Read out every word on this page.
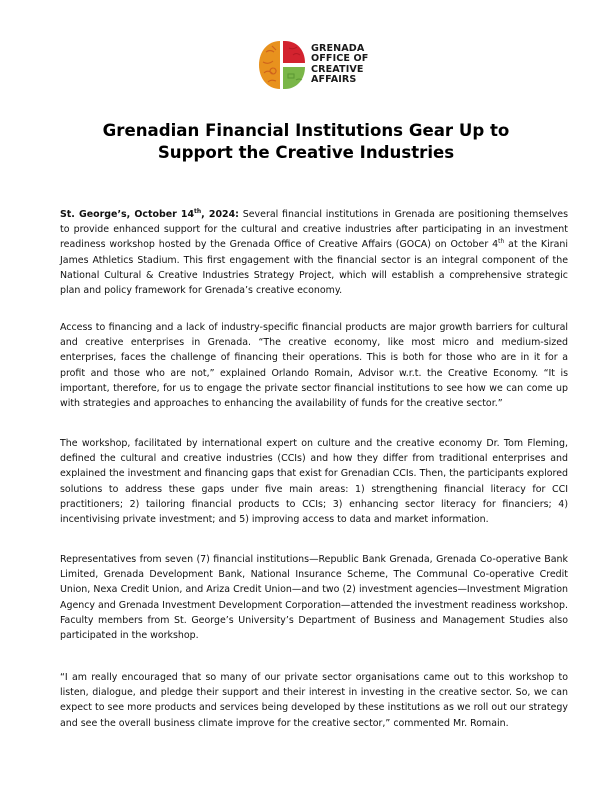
GRENADA
OFFICE OF
CREATIVE
AFFAIRS
Grenadian Financial Institutions Gear Up to
Support the Creative Industries
St. George’s, October 14th, 2024: Several financial institutions in Grenada are positioning themselves to provide enhanced support for the cultural and creative industries after participating in an investment readiness workshop hosted by the Grenada Office of Creative Affairs (GOCA) on October 4th at the Kirani James Athletics Stadium. This first engagement with the financial sector is an integral component of the National Cultural & Creative Industries Strategy Project, which will establish a comprehensive strategic plan and policy framework for Grenada’s creative economy.
Access to financing and a lack of industry-specific financial products are major growth barriers for cultural and creative enterprises in Grenada. “The creative economy, like most micro and medium-sized enterprises, faces the challenge of financing their operations. This is both for those who are in it for a profit and those who are not,” explained Orlando Romain, Advisor w.r.t. the Creative Economy. “It is important, therefore, for us to engage the private sector financial institutions to see how we can come up with strategies and approaches to enhancing the availability of funds for the creative sector.”
The workshop, facilitated by international expert on culture and the creative economy Dr. Tom Fleming, defined the cultural and creative industries (CCIs) and how they differ from traditional enterprises and explained the investment and financing gaps that exist for Grenadian CCIs. Then, the participants explored solutions to address these gaps under five main areas: 1) strengthening financial literacy for CCI practitioners; 2) tailoring financial products to CCIs; 3) enhancing sector literacy for financiers; 4) incentivising private investment; and 5) improving access to data and market information.
Representatives from seven (7) financial institutions—Republic Bank Grenada, Grenada Co-operative Bank Limited, Grenada Development Bank, National Insurance Scheme, The Communal Co-operative Credit Union, Nexa Credit Union, and Ariza Credit Union—and two (2) investment agencies—Investment Migration Agency and Grenada Investment Development Corporation—attended the investment readiness workshop. Faculty members from St. George’s University’s Department of Business and Management Studies also participated in the workshop.
“I am really encouraged that so many of our private sector organisations came out to this workshop to listen, dialogue, and pledge their support and their interest in investing in the creative sector. So, we can expect to see more products and services being developed by these institutions as we roll out our strategy and see the overall business climate improve for the creative sector,” commented Mr. Romain.
